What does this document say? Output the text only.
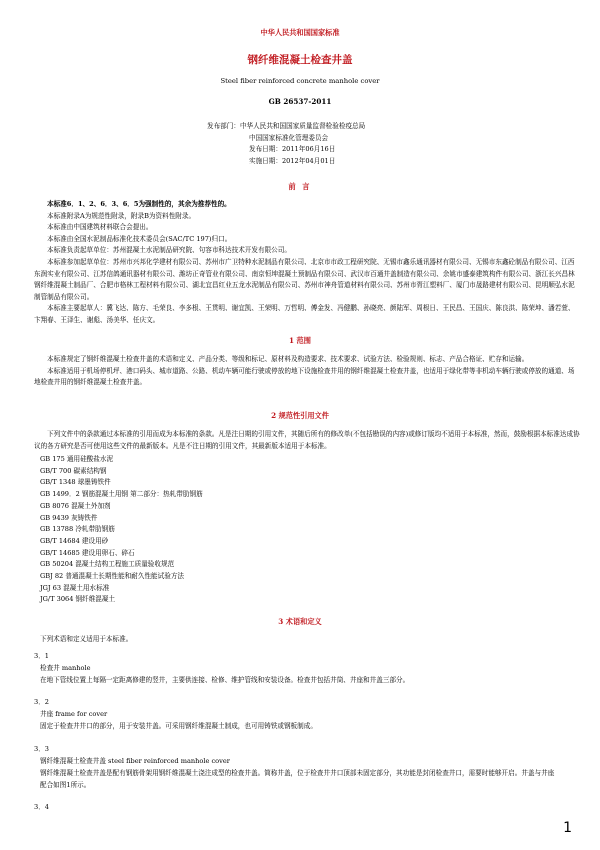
中华人民共和国国家标准
钢纤维混凝土检查井盖
Steel fiber reinforced concrete manhole cover
GB 26537-2011
发布部门：中华人民共和国国家质量监督检验检疫总局
中国国家标准化管理委员会
发布日期：2011年06月16日
实施日期：2012年04月01日
前 言
本标准6．1、2、6．3、6．5为强制性的，其余为推荐性的。
本标准附录A为规范性附录，附录B为资料性附录。
本标准由中国建筑材料联合会提出。
本标准由全国水泥制品标准化技术委员会(SAC/TC 197)归口。
本标准负责起草单位：苏州混凝土水泥制品研究院、句容市科达技术开发有限公司。
本标准参加起草单位：苏州市兴邦化学建材有限公司、苏州市广卫特种水泥制品有限公司、北京市市政工程研究院、无锡市鑫乐通讯器材有限公司、无锡市东鑫砼制品有限公司、江西东润实业有限公司、江苏信鸽通讯器材有限公司、潍坊正奇管业有限公司、南京恒坤混凝土预制品有限公司、武汉市百通井盖制造有限公司、余姚市盛泰建筑构件有限公司、浙江长兴昌林钢纤维混凝土制品厂、合肥市格林工程材料有限公司、湖北宜昌红业五龙水泥制品有限公司、苏州市神舟管道材料有限公司、苏州市胥江塑料厂、厦门市晟路建材有限公司、昆明顺弘水泥制管制品有限公司。
本标准主要起草人：冀飞达、陈方、毛荣良、李多根、王贯明、谢宜凯、王荣明、万哲明、傅金发、冯健鹏、孙晓亮、颜陆军、周根日、王民昌、王国庆、陈良洪、陈荣坤、潘若萱、卞翔春、王泽生、谢彪、汤美华、任庆文。
1 范围
本标准规定了钢纤维混凝土检查井盖的术语和定义、产品分类、等级和标记、原材料及构造要求、技术要求、试验方法、检验规则、标志、产品合格证、贮存和运输。
本标准适用于机场停机坪、港口码头、城市道路、公路、机动车辆可能行驶或停放的地下设施检查井用的钢纤维混凝土检查井盖，也适用于绿化带等非机动车辆行驶或停放的通道、场地检查井用的钢纤维混凝土检查井盖。
2 规范性引用文件
下列文件中的条款通过本标准的引用而成为本标准的条款。凡是注日期的引用文件，其随后所有的修改单(不包括勘误的内容)或修订版均不适用于本标准，然而，鼓励根据本标准达成协议的各方研究是否可使用这些文件的最新版本。凡是不注日期的引用文件，其最新版本适用于本标准。
GB 175 通用硅酸盐水泥
GB/T 700 碳素结构钢
GB/T 1348 球墨铸铁件
GB 1499．2 钢筋混凝土用钢 第二部分：热轧带肋钢筋
GB 8076 混凝土外加剂
GB 9439 灰铸铁件
GB 13788 冷轧带肋钢筋
GB/T 14684 建设用砂
GB/T 14685 建设用卵石、碎石
GB 50204 混凝土结构工程施工质量验收规范
GBJ 82 普通混凝土长期性能和耐久性能试验方法
JGJ 63 混凝土用水标准
JG/T 3064 钢纤维混凝土
3 术语和定义
下列术语和定义适用于本标准。
3．1
检查井 manhole
在地下管线位置上每隔一定距离修建的竖井，主要供连接、检修、维护管线和安装设备。检查井包括井筒、井座和井盖三部分。
3．2
井座 frame for cover
固定于检查井井口的部分，用于安装井盖。可采用钢纤维混凝土制成，也可用铸铁或钢板制成。
3．3
钢纤维混凝土检查井盖 steel fiber reinforced manhole cover
钢纤维混凝土检查井盖是配有钢筋骨架用钢纤维混凝土浇注成型的检查井盖。简称井盖，位于检查井井口顶部未固定部分，其功能是封闭检查井口，需要时能够开启。井盖与井座配合如图1所示。
3．4
1
